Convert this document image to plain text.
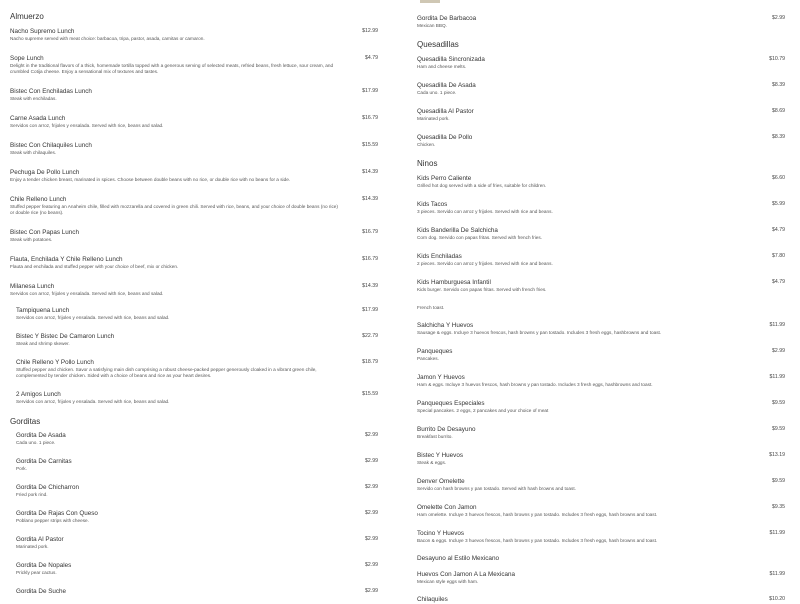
Almuerzo
Nacho Supremo Lunch
Nacho supreme served with meat choice: barbacoa, tripa, pastor, asada, carnitas or camaron.
$12.99
Sope Lunch
Delight in the traditional flavors of a thick, homemade tortilla topped with a generous serving of selected meats, refried beans, fresh lettuce, sour cream, and crumbled Cotija cheese. Enjoy a sensational mix of textures and tastes.
$4.79
Bistec Con Enchiladas Lunch
Steak with enchiladas.
$17.99
Carne Asada Lunch
Servidos con arroz, frijoles y ensalada. Served with rice, beans and salad.
$16.79
Bistec Con Chilaquiles Lunch
Steak with chilaquiles.
$15.59
Pechuga De Pollo Lunch
Enjoy a tender chicken breast, marinated in spices. Choose between double beans with no rice, or double rice with no beans for a side.
$14.39
Chile Relleno Lunch
Stuffed pepper featuring an Anaheim chile, filled with mozzarella and covered in green chili. Served with rice, beans, and your choice of double beans (no rice) or double rice (no beans).
$14.39
Bistec Con Papas Lunch
Steak with potatoes.
$16.79
Flauta, Enchilada Y Chile Relleno Lunch
Flauta and enchilada and stuffed pepper with your choice of beef, mix or chicken.
$16.79
Milanesa Lunch
Servidos con arroz, frijoles y ensalada. Served with rice, beans and salad.
$14.39
Tampiquena Lunch
Servidos con arroz, frijoles y ensalada. Served with rice, beans and salad.
$17.99
Bistec Y Bistec De Camaron Lunch
Steak and shrimp skewer.
$22.79
Chile Relleno Y Pollo Lunch
Stuffed pepper and chicken. Savor a satisfying main dish comprising a robust cheese-packed pepper generously cloaked in a vibrant green chile, complemented by tender chicken. Sided with a choice of beans and rice as your heart desires.
$18.79
2 Amigos Lunch
Servidos con arroz, frijoles y ensalada. Served with rice, beans and salad.
$15.59
Gorditas
Gordita De Asada
Cada uno. 1 piece.
$2.99
Gordita De Carnitas
Pork.
$2.99
Gordita De Chicharron
Fried pork rind.
$2.99
Gordita De Rajas Con Queso
Poblano pepper strips with cheese.
$2.99
Gordita Al Pastor
Marinated pork.
$2.99
Gordita De Nopales
Prickly pear cactus.
$2.99
Gordita De Suche	$2.99
Gordita De Barbacoa
Mexican BBQ.
$2.99
Quesadillas
Quesadilla Sincronizada
Ham and cheese melts.
$10.79
Quesadilla De Asada
Cada uno. 1 piece.
$8.39
Quesadilla Al Pastor
Marinated pork.
$8.69
Quesadilla De Pollo
Chicken.
$8.39
Ninos
Kids Perro Caliente
Grilled hot dog served with a side of fries, suitable for children.
$6.60
Kids Tacos
3 pieces. Servido con arroz y frijoles. Served with rice and beans.
$5.99
Kids Banderilla De Salchicha
Corn dog. Servido con papas fritas. Served with french fries.
$4.79
Kids Enchiladas
2 pieces. Servido con arroz y frijoles. Served with rice and beans.
$7.80
Kids Hamburguesa Infantil
Kids burger. Servido con papas fritas. Served with french fries.
$4.79
French toast.
Salchicha Y Huevos
Sausage & eggs. Incluye 3 huevos frescos, hash browns y pan tostado. Includes 3 fresh eggs, hashbrowns and toast.
$11.99
Panqueques
Pancakes.
$2.99
Jamon Y Huevos
Ham & eggs. Incluye 3 huevos frescos, hash browns y pan tostado. Includes 3 fresh eggs, hashbrowns and toast.
$11.99
Panqueques Especiales
Special pancakes. 2 eggs, 2 pancakes and your choice of meat
$9.59
Burrito De Desayuno
Breakfast burrito.
$9.59
Bistec Y Huevos
Steak & eggs.
$13.19
Denver Omelette
Servido con hash browns y pan tostado. Served with hash browns and toast.
$9.59
Omelette Con Jamon
Ham omelette. Incluye 3 huevos frescos, hash browns y pan tostado. Includes 3 fresh eggs, hash browns and toast.
$9.35
Tocino Y Huevos
Bacon & eggs. Incluye 3 huevos frescos, hash browns y pan tostado. Includes 3 fresh eggs, hash browns and toast.
$11.99
Desayuno al Estilo Mexicano
Huevos Con Jamon A La Mexicana
Mexican style eggs with ham.
$11.99
Chilaquiles	$10.20
